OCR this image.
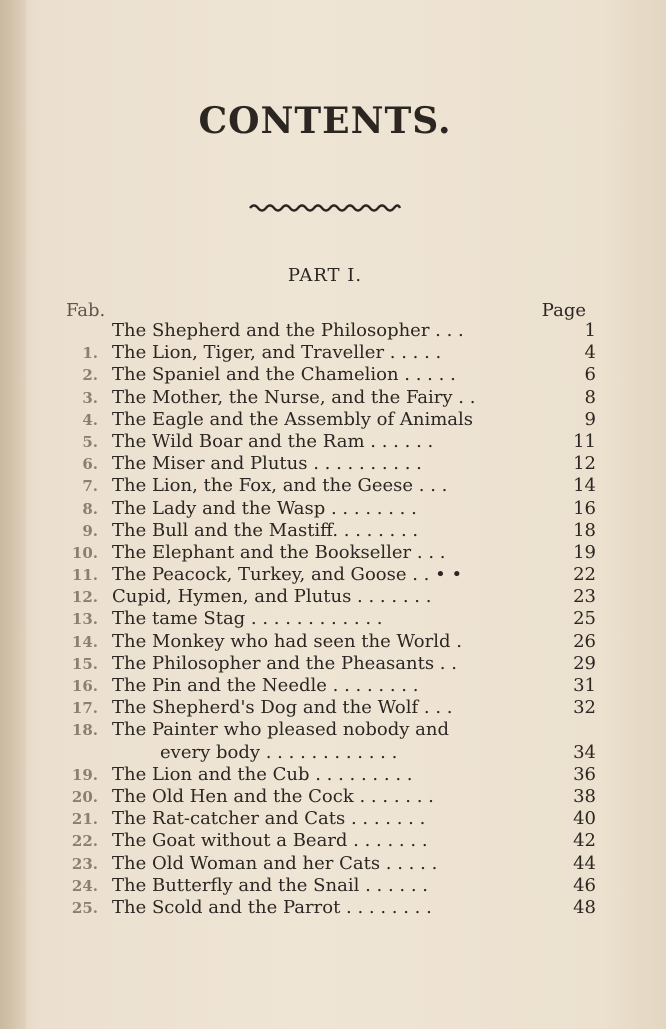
CONTENTS.
PART I.
Fab.	Page
The Shepherd and the Philosopher . . .	1
1. The Lion, Tiger, and Traveller . . . . .	4
2. The Spaniel and the Chamelion . . . . .	6
3. The Mother, the Nurse, and the Fairy . .	8
4. The Eagle and the Assembly of Animals	9
5. The Wild Boar and the Ram . . . . . .	11
6. The Miser and Plutus . . . . . . . . . .	12
7. The Lion, the Fox, and the Geese . . .	14
8. The Lady and the Wasp . . . . . . . .	16
9. The Bull and the Mastiff. . . . . . . .	18
10. The Elephant and the Bookseller . . .	19
11. The Peacock, Turkey, and Goose . . • •	22
12. Cupid, Hymen, and Plutus . . . . . . .	23
13. The tame Stag . . . . . . . . . . . .	25
14. The Monkey who had seen the World .	26
15. The Philosopher and the Pheasants . .	29
16. The Pin and the Needle . . . . . . . .	31
17. The Shepherd's Dog and the Wolf . . .	32
18. The Painter who pleased nobody and
every body . . . . . . . . . . . .	34
19. The Lion and the Cub . . . . . . . . .	36
20. The Old Hen and the Cock . . . . . . .	38
21. The Rat-catcher and Cats . . . . . . .	40
22. The Goat without a Beard . . . . . . .	42
23. The Old Woman and her Cats . . . . .	44
24. The Butterfly and the Snail . . . . . .	46
25. The Scold and the Parrot . . . . . . . .	48
